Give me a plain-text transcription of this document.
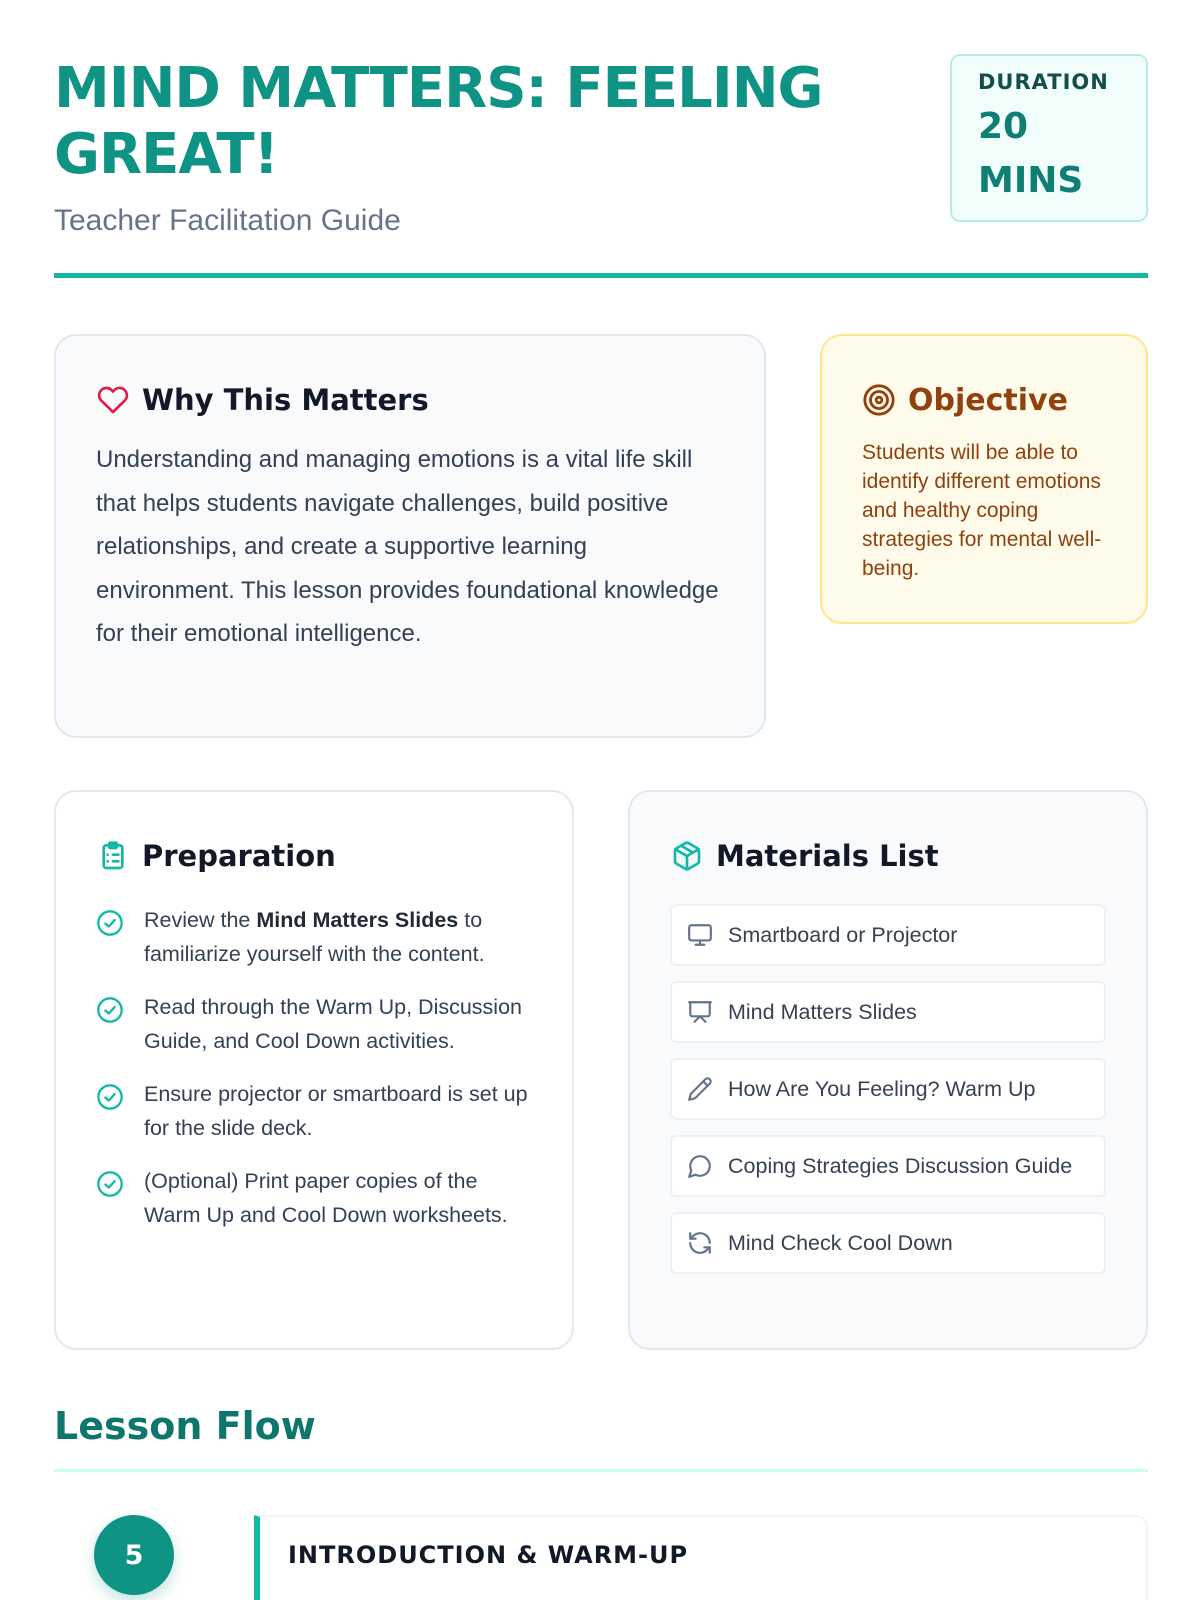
MIND MATTERS: FEELING GREAT!
Teacher Facilitation Guide
DURATION
20 MINS
Why This Matters

Understanding and managing emotions is a vital life skill that helps students navigate challenges, build positive relationships, and create a supportive learning environment. This lesson provides foundational knowledge for their emotional intelligence.

Objective

Students will be able to identify different emotions and healthy coping strategies for mental well-being.

Preparation
Review the Mind Matters Slides to familiarize yourself with the content.
Read through the Warm Up, Discussion Guide, and Cool Down activities.
Ensure projector or smartboard is set up for the slide deck.
(Optional) Print paper copies of the Warm Up and Cool Down worksheets.
Materials List
Smartboard or Projector
Mind Matters Slides
How Are You Feeling? Warm Up
Coping Strategies Discussion Guide
Mind Check Cool Down
Lesson Flow
5	INTRODUCTION & WARM-UP
